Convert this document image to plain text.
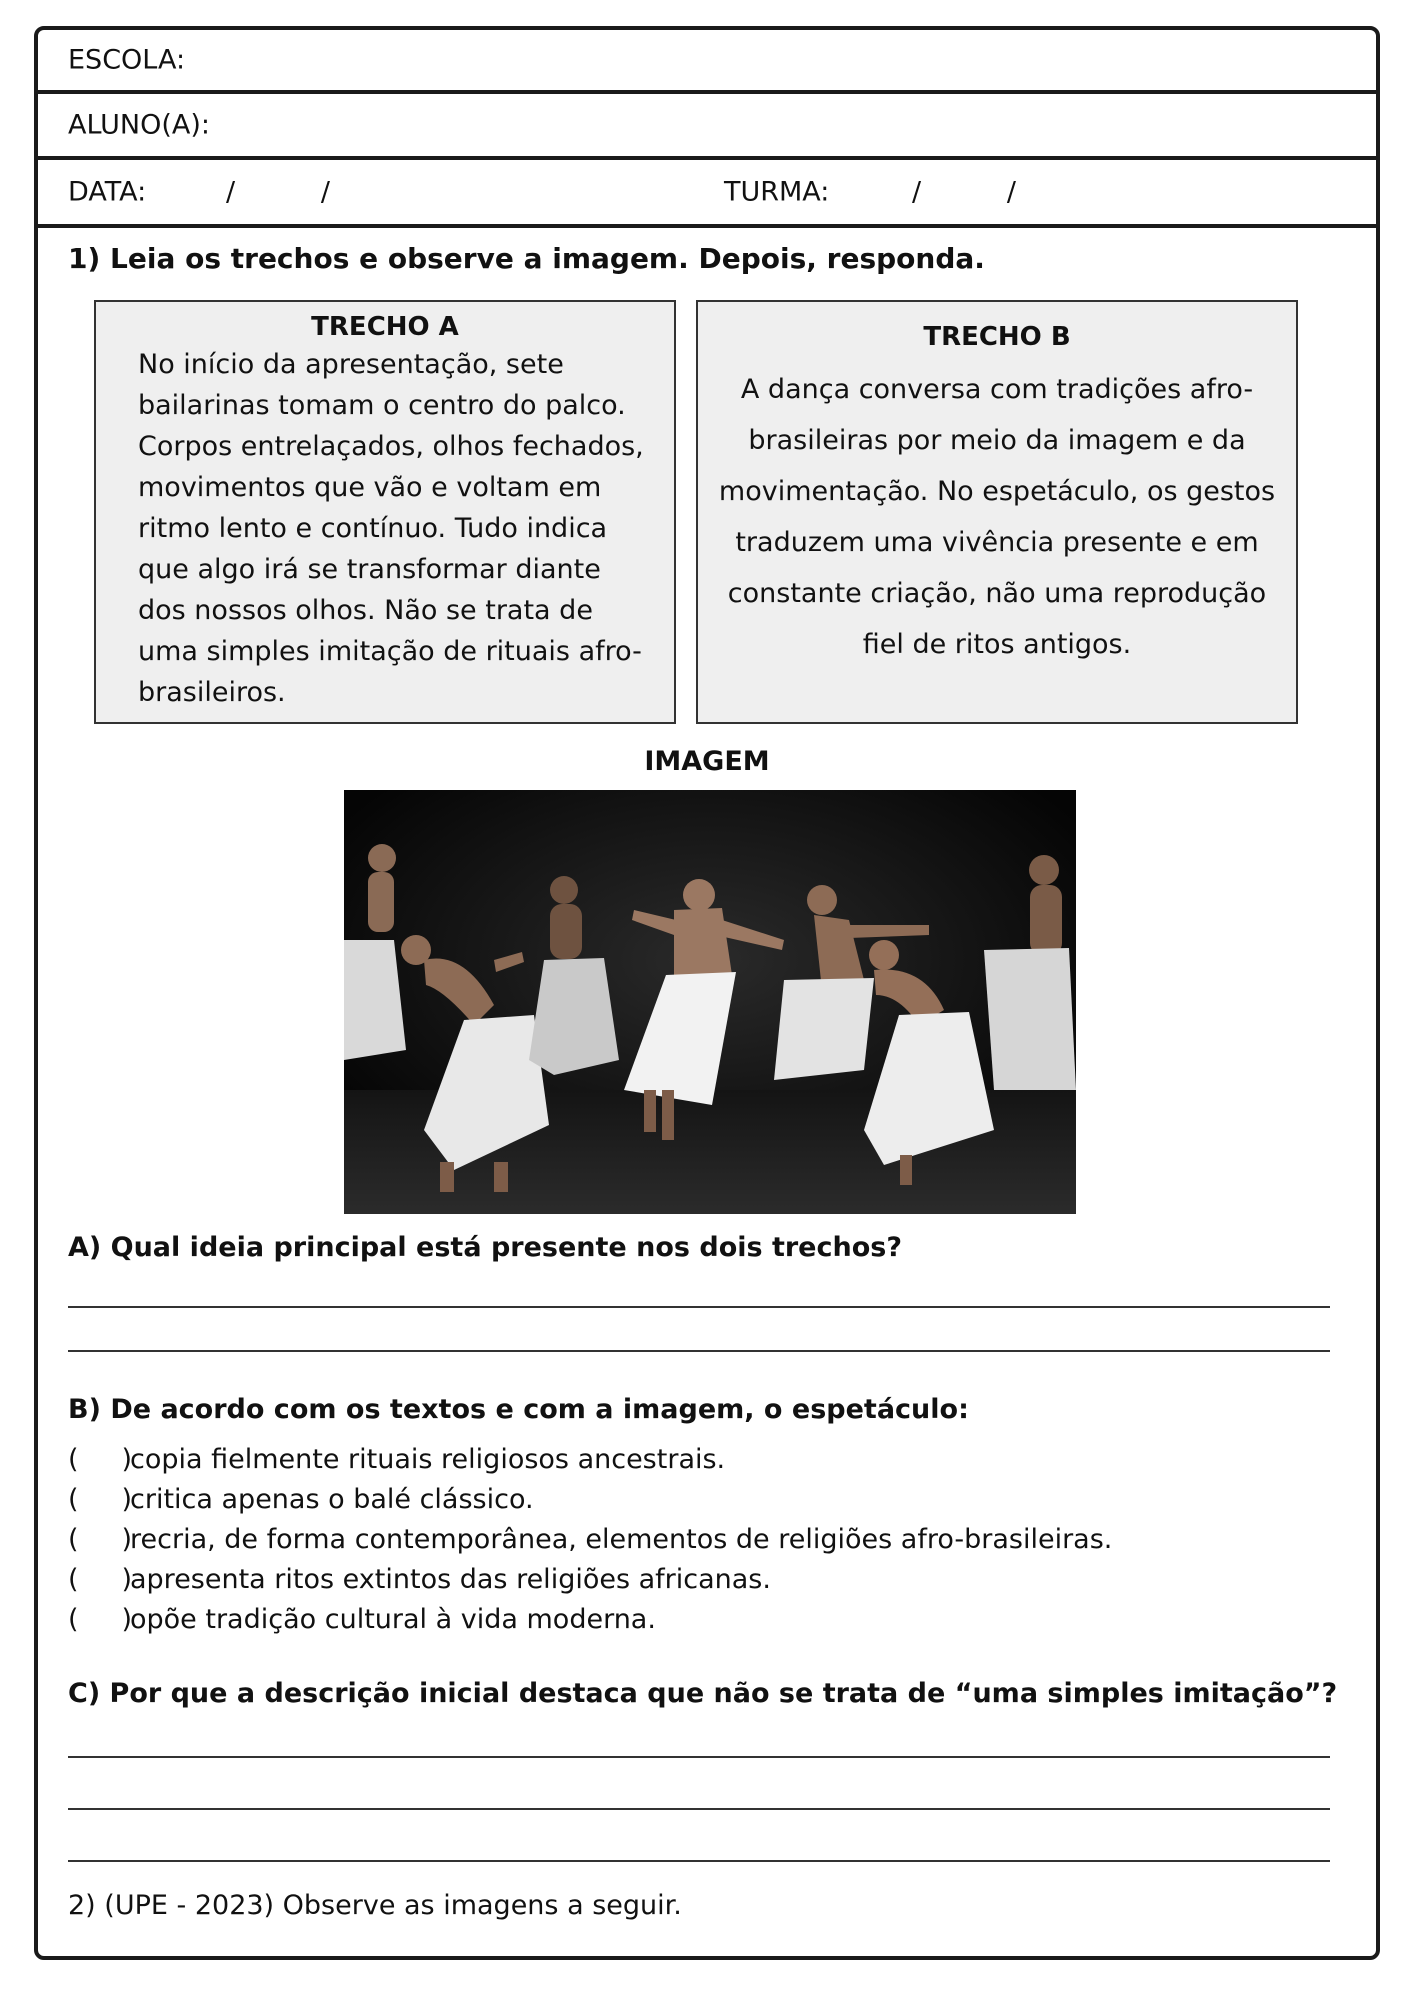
ESCOLA:
ALUNO(A):
DATA:	/          /	TURMA:	/          /
1) Leia os trechos e observe a imagem. Depois, responda.
TRECHO A
No início da apresentação, sete
bailarinas tomam o centro do palco.
Corpos entrelaçados, olhos fechados,
movimentos que vão e voltam em
ritmo lento e contínuo. Tudo indica
que algo irá se transformar diante
dos nossos olhos. Não se trata de
uma simples imitação de rituais afro-
brasileiros.
TRECHO B
A dança conversa com tradições afro-
brasileiras por meio da imagem e da
movimentação. No espetáculo, os gestos
traduzem uma vivência presente e em
constante criação, não uma reprodução
fiel de ritos antigos.
IMAGEM
A) Qual ideia principal está presente nos dois trechos?
B) De acordo com os textos e com a imagem, o espetáculo:
(     )copia fielmente rituais religiosos ancestrais.
(     )critica apenas o balé clássico.
(     )recria, de forma contemporânea, elementos de religiões afro-brasileiras.
(     )apresenta ritos extintos das religiões africanas.
(     )opõe tradição cultural à vida moderna.
C) Por que a descrição inicial destaca que não se trata de “uma simples imitação”?
2) (UPE - 2023) Observe as imagens a seguir.
